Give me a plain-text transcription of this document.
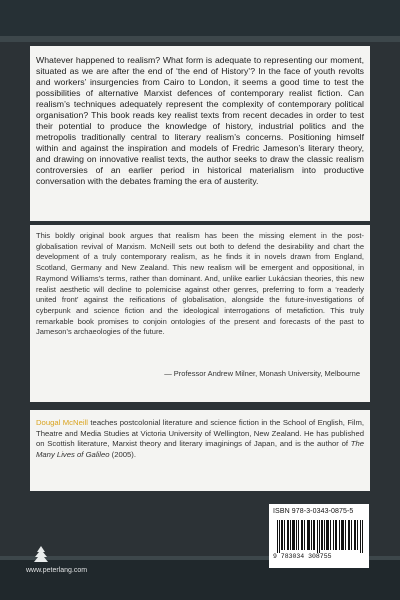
Whatever happened to realism? What form is adequate to representing our moment, situated as we are after the end of ‘the end of History’? In the face of youth revolts and workers’ insurgencies from Cairo to London, it seems a good time to test the possibilities of alternative Marxist defences of contemporary realist fiction. Can realism’s techniques adequately represent the complexity of contemporary political organisation? This book reads key realist texts from recent decades in order to test their potential to produce the knowledge of history, industrial politics and the metropolis traditionally central to literary realism’s concerns. Positioning himself within and against the inspiration and models of Fredric Jameson’s literary theory, and drawing on innovative realist texts, the author seeks to draw the classic realism controversies of an earlier period in historical materialism into productive conversation with the debates framing the era of austerity.
This boldly original book argues that realism has been the missing element in the post-globalisation revival of Marxism. McNeill sets out both to defend the desirability and chart the development of a truly contemporary realism, as he finds it in novels drawn from England, Scotland, Germany and New Zealand. This new realism will be emergent and oppositional, in Raymond Williams’s terms, rather than dominant. And, unlike earlier Lukácsian theories, this new realist aesthetic will decline to polemicise against other genres, preferring to form a ‘readerly united front’ against the reifications of globalisation, alongside the future-investigations of cyberpunk and science fiction and the ideological interrogations of metafiction. This truly remarkable book promises to conjoin ontologies of the present and forecasts of the past to Jameson’s archaeologies of the future.
— Professor Andrew Milner, Monash University, Melbourne
Dougal McNeill teaches postcolonial literature and science fiction in the School of English, Film, Theatre and Media Studies at Victoria University of Wellington, New Zealand. He has published on Scottish literature, Marxist theory and literary imaginings of Japan, and is the author of The Many Lives of Galileo (2005).
ISBN 978-3-0343-0875-5
9 783034 308755
www.peterlang.com
